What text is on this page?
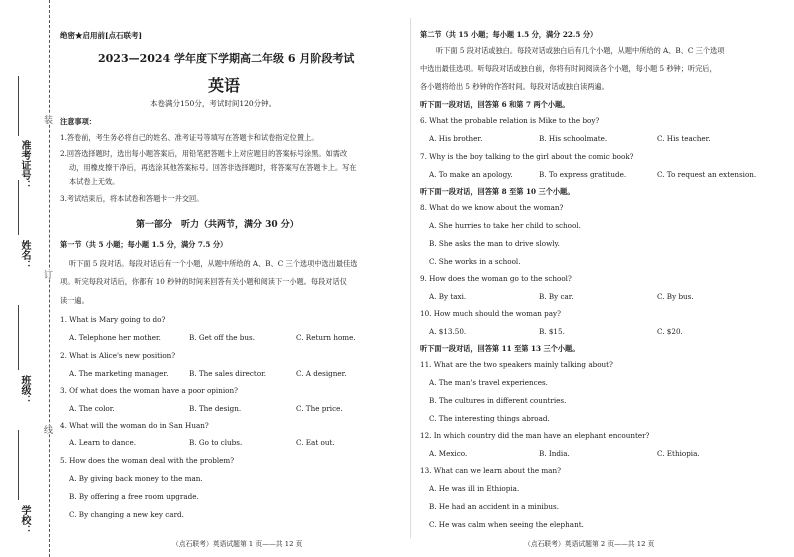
准考证号：
姓名：
班级：
学校：
装
订
线
绝密★启用前[点石联考]
2023—2024 学年度下学期高二年级 6 月阶段考试
英语
本卷满分150分，考试时间120分钟。
注意事项：
1.答卷前，考生务必将自己的姓名、准考证号等填写在答题卡和试卷指定位置上。
2.回答选择题时，选出每小题答案后，用铅笔把答题卡上对应题目的答案标号涂黑。如需改
动，用橡皮擦干净后，再选涂其他答案标号。回答非选择题时，将答案写在答题卡上。写在
本试卷上无效。
3.考试结束后，将本试卷和答题卡一并交回。
第一部分　听力（共两节，满分 30 分）
第一节（共 5 小题；每小题 1.5 分，满分 7.5 分）
听下面 5 段对话。每段对话后有一个小题，从题中所给的 A、B、C 三个选项中选出最佳选
项。听完每段对话后，你都有 10 秒钟的时间来回答有关小题和阅读下一小题。每段对话仅
读一遍。
1. What is Mary going to do?
A. Telephone her mother.	B. Get off the bus.	C. Return home.
2. What is Alice's new position?
A. The marketing manager.	B. The sales director.	C. A designer.
3. Of what does the woman have a poor opinion?
A. The color.	B. The design.	C. The price.
4. What will the woman do in San Huan?
A. Learn to dance.	B. Go to clubs.	C. Eat out.
5. How does the woman deal with the problem?
A. By giving back money to the man.
B. By offering a free room upgrade.
C. By changing a new key card.
（点石联考）英语试题第 1 页——共 12 页
第二节（共 15 小题；每小题 1.5 分，满分 22.5 分）
听下面 5 段对话或独白。每段对话或独白后有几个小题，从题中所给的 A、B、C 三个选项
中选出最佳选项。听每段对话或独白前，你将有时间阅读各个小题，每小题 5 秒钟；听完后，
各小题将给出 5 秒钟的作答时间。每段对话或独白读两遍。
听下面一段对话，回答第 6 和第 7 两个小题。
6. What the probable relation is Mike to the boy?
A. His brother.	B. His schoolmate.	C. His teacher.
7. Why is the boy talking to the girl about the comic book?
A. To make an apology.	B. To express gratitude.	C. To request an extension.
听下面一段对话，回答第 8 至第 10 三个小题。
8. What do we know about the woman?
A. She hurries to take her child to school.
B. She asks the man to drive slowly.
C. She works in a school.
9. How does the woman go to the school?
A. By taxi.	B. By car.	C. By bus.
10. How much should the woman pay?
A. $13.50.	B. $15.	C. $20.
听下面一段对话，回答第 11 至第 13 三个小题。
11. What are the two speakers mainly talking about?
A. The man's travel experiences.
B. The cultures in different countries.
C. The interesting things abroad.
12. In which country did the man have an elephant encounter?
A. Mexico.	B. India.	C. Ethiopia.
13. What can we learn about the man?
A. He was ill in Ethiopia.
B. He had an accident in a minibus.
C. He was calm when seeing the elephant.
（点石联考）英语试题第 2 页——共 12 页
